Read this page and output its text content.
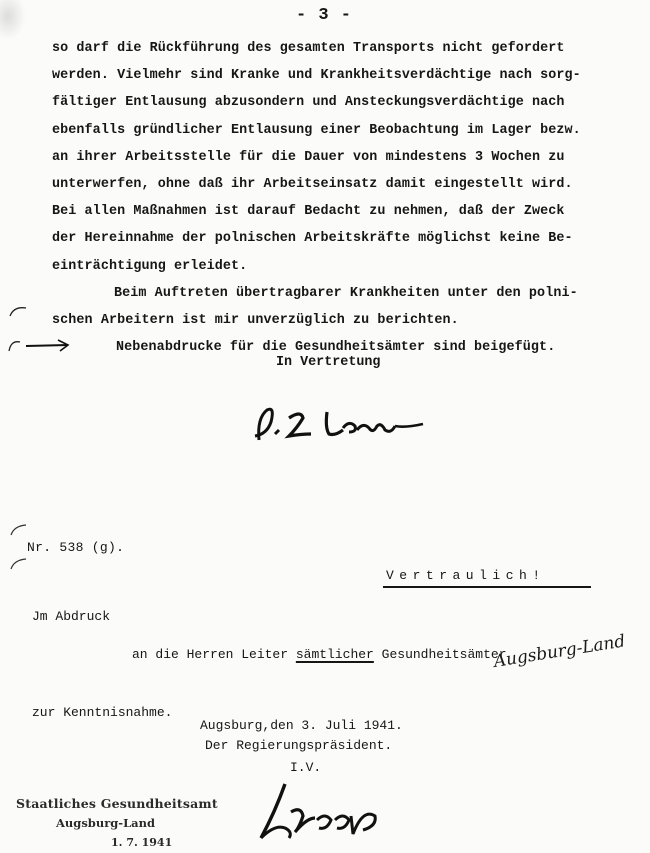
- 3 -
so darf die Rückführung des gesamten Transports nicht gefordert
werden. Vielmehr sind Kranke und Krankheitsverdächtige nach sorg-
fältiger Entlausung abzusondern und Ansteckungsverdächtige nach
ebenfalls gründlicher Entlausung einer Beobachtung im Lager bezw.
an ihrer Arbeitsstelle für die Dauer von mindestens 3 Wochen zu
unterwerfen, ohne daß ihr Arbeitseinsatz damit eingestellt wird.
Bei allen Maßnahmen ist darauf Bedacht zu nehmen, daß der Zweck
der Hereinnahme der polnischen Arbeitskräfte möglichst keine Be-
einträchtigung erleidet.
Beim Auftreten übertragbarer Krankheiten unter den polni-
schen Arbeitern ist mir unverzüglich zu berichten.
Nebenabdrucke für die Gesundheitsämter sind beigefügt.
In Vertretung
Nr. 538 (g).
Vertraulich!
Jm Abdruck
an die Herren Leiter sämtlicher Gesundheitsämter
Augsburg-Land
zur Kenntnisnahme.
Augsburg,den 3. Juli 1941.
Der Regierungspräsident.
I.V.
Staatliches Gesundheitsamt
Augsburg-Land
1. 7. 1941
